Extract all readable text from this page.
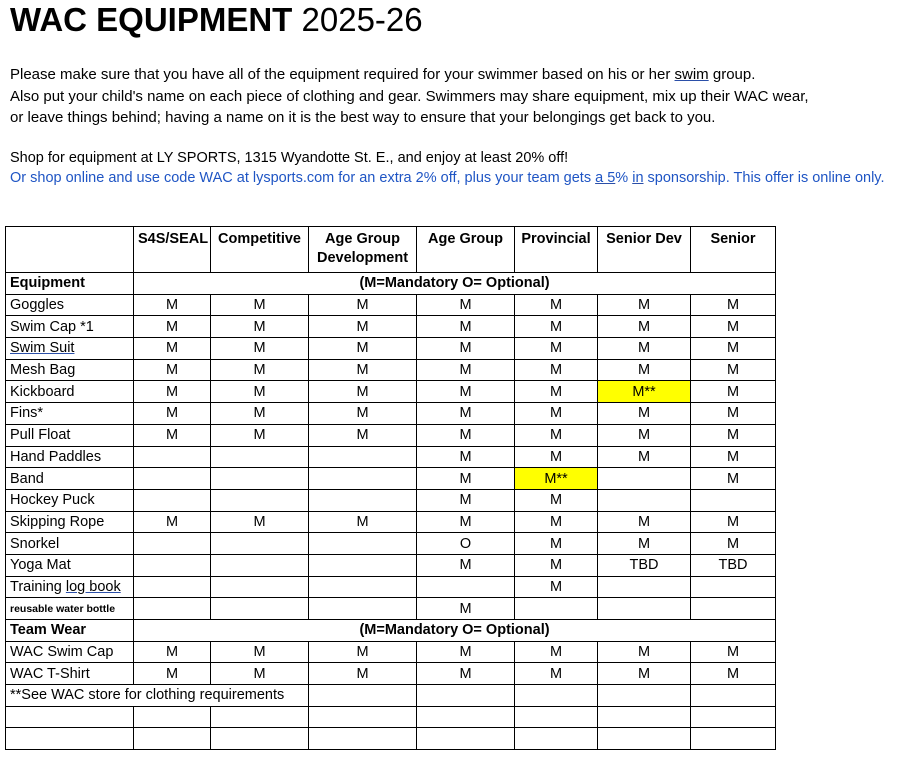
WAC EQUIPMENT 2025-26
Please make sure that you have all of the equipment required for your swimmer based on his or her swim group.
Also put your child's name on each piece of clothing and gear. Swimmers may share equipment, mix up their WAC wear,
or leave things behind; having a name on it is the best way to ensure that your belongings get back to you.
Shop for equipment at LY SPORTS, 1315 Wyandotte St. E., and enjoy at least 20% off!
Or shop online and use code WAC at lysports.com for an extra 2% off, plus your team gets a 5% in sponsorship. This offer is online only.
	S4S/SEAL	Competitive	Age Group Development	Age Group	Provincial	Senior Dev	Senior
Equipment	(M=Mandatory O= Optional)						
Goggles	M	M	M	M	M	M	M
Swim Cap *1	M	M	M	M	M	M	M
Swim Suit	M	M	M	M	M	M	M
Mesh Bag	M	M	M	M	M	M	M
Kickboard	M	M	M	M	M	M**	M
Fins*	M	M	M	M	M	M	M
Pull Float	M	M	M	M	M	M	M
Hand Paddles				M	M	M	M
Band				M	M**		M
Hockey Puck				M	M		
Skipping Rope	M	M	M	M	M	M	M
Snorkel				O	M	M	M
Yoga Mat				M	M	TBD	TBD
Training log book					M		
reusable water bottle				M			
Team Wear	(M=Mandatory O= Optional)						
WAC Swim Cap	M	M	M	M	M	M	M
WAC T-Shirt	M	M	M	M	M	M	M
**See WAC store for clothing requirements							
